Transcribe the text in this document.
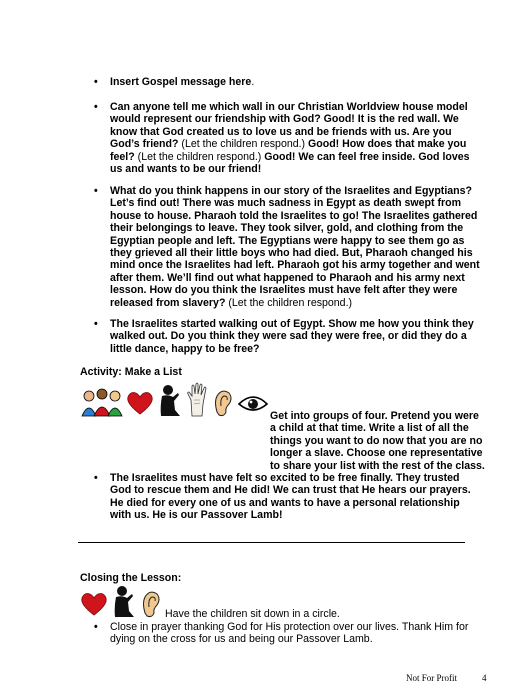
• Insert Gospel message here.
• Can anyone tell me which wall in our Christian Worldview house model would represent our friendship with God? Good! It is the red wall. We know that God created us to love us and be friends with us. Are you God’s friend? (Let the children respond.) Good! How does that make you feel? (Let the children respond.) Good! We can feel free inside. God loves us and wants to be our friend!
• What do you think happens in our story of the Israelites and Egyptians? Let’s find out! There was much sadness in Egypt as death swept from house to house. Pharaoh told the Israelites to go! The Israelites gathered their belongings to leave. They took silver, gold, and clothing from the Egyptian people and left. The Egyptians were happy to see them go as they grieved all their little boys who had died. But, Pharaoh changed his mind once the Israelites had left. Pharaoh got his army together and went after them. We’ll find out what happened to Pharaoh and his army next lesson. How do you think the Israelites must have felt after they were released from slavery? (Let the children respond.)
• The Israelites started walking out of Egypt. Show me how you think they walked out. Do you think they were sad they were free, or did they do a little dance, happy to be free?
Activity: Make a List
Get into groups of four. Pretend you were a child at that time. Write a list of all the things you want to do now that you are no longer a slave. Choose one representative to share your list with the rest of the class.
• The Israelites must have felt so excited to be free finally. They trusted God to rescue them and He did! We can trust that He hears our prayers. He died for every one of us and wants to have a personal relationship with us. He is our Passover Lamb!
Closing the Lesson:
Have the children sit down in a circle.
• Close in prayer thanking God for His protection over our lives. Thank Him for dying on the cross for us and being our Passover Lamb.
Not For Profit	4
